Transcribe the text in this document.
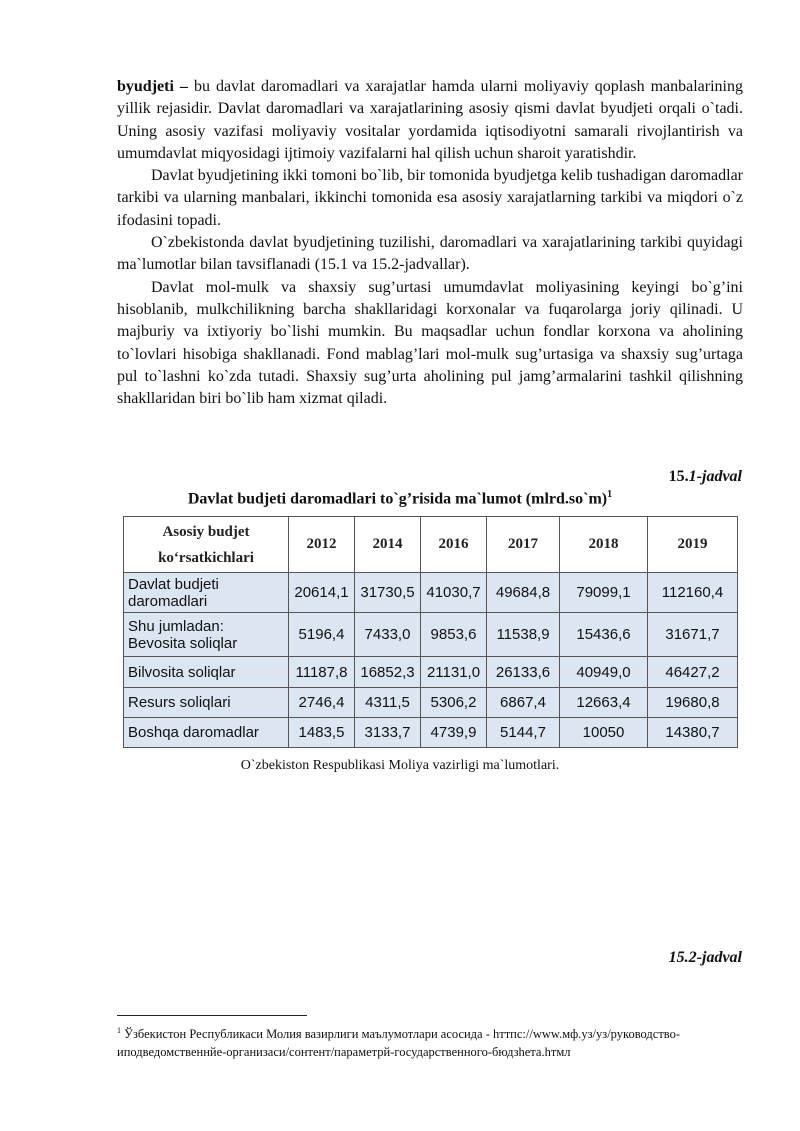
byudjeti – bu davlat daromadlari va xarajatlar hamda ularni moliyaviy qoplash manbalarining yillik rejasidir. Davlat daromadlari va xarajatlarining asosiy qismi davlat byudjeti orqali o`tadi. Uning asosiy vazifasi moliyaviy vositalar yordamida iqtisodiyotni samarali rivojlantirish va umumdavlat miqyosidagi ijtimoiy vazifalarni hal qilish uchun sharoit yaratishdir.

Davlat byudjetining ikki tomoni bo`lib, bir tomonida byudjetga kelib tushadigan daromadlar tarkibi va ularning manbalari, ikkinchi tomonida esa asosiy xarajatlarning tarkibi va miqdori o`z ifodasini topadi.

O`zbekistonda davlat byudjetining tuzilishi, daromadlari va xarajatlarining tarkibi quyidagi ma`lumotlar bilan tavsiflanadi (15.1 va 15.2-jadvallar).

Davlat mol-mulk va shaxsiy sug’urtasi umumdavlat moliyasining keyingi bo`g’ini hisoblanib, mulkchilikning barcha shakllaridagi korxonalar va fuqarolarga joriy qilinadi. U majburiy va ixtiyoriy bo`lishi mumkin. Bu maqsadlar uchun fondlar korxona va aholining to`lovlari hisobiga shakllanadi. Fond mablag’lari mol-mulk sug’urtasiga va shaxsiy sug’urtaga pul to`lashni ko`zda tutadi. Shaxsiy sug’urta aholining pul jamg’armalarini tashkil qilishning shakllaridan biri bo`lib ham xizmat qiladi.

15.1-jadval
Davlat budjeti daromadlari to`g’risida ma`lumot (mlrd.so`m)$^1$
Asosiy budjet
ko‘rsatkichlari	2012	2014	2016	2017	2018	2019
Davlat budjeti
daromadlari	20614,1	31730,5	41030,7	49684,8	79099,1	112160,4
Shu jumladan:
Bevosita soliqlar	5196,4	7433,0	9853,6	11538,9	15436,6	31671,7
Bilvosita soliqlar	11187,8	16852,3	21131,0	26133,6	40949,0	46427,2
Resurs soliqlari	2746,4	4311,5	5306,2	6867,4	12663,4	19680,8
Boshqa daromadlar	1483,5	3133,7	4739,9	5144,7	10050	14380,7
O`zbekiston Respublikasi Moliya vazirligi ma`lumotlari.
15.2-jadval
$^1$ Ўзбекистон Республикаси Молия вазирлиги маълумотлари асосида - hттпс://www.мф.уз/уз/руководство-иподведомственнйе-организаси/сонтент/параметрй-государственного-бюдзhета.hтмл
